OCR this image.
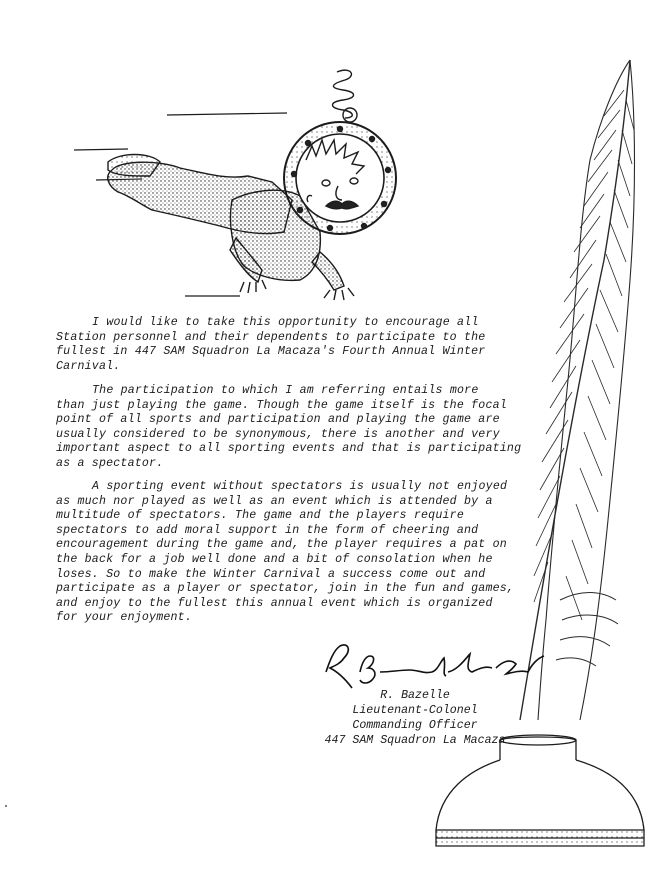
I would like to take this opportunity to encourage all
Station personnel and their dependents to participate to the
fullest in 447 SAM Squadron La Macaza's Fourth Annual Winter
Carnival.
The participation to which I am referring entails more
than just playing the game. Though the game itself is the focal
point of all sports and participation and playing the game are
usually considered to be synonymous, there is another and very
important aspect to all sporting events and that is participating
as a spectator.
A sporting event without spectators is usually not enjoyed
as much nor played as well as an event which is attended by a
multitude of spectators. The game and the players require
spectators to add moral support in the form of cheering and
encouragement during the game and, the player requires a pat on
the back for a job well done and a bit of consolation when he
loses. So to make the Winter Carnival a success come out and
participate as a player or spectator, join in the fun and games,
and enjoy to the fullest this annual event which is organized
for your enjoyment.
R. Bazelle
Lieutenant-Colonel
Commanding Officer
447 SAM Squadron La Macaza
